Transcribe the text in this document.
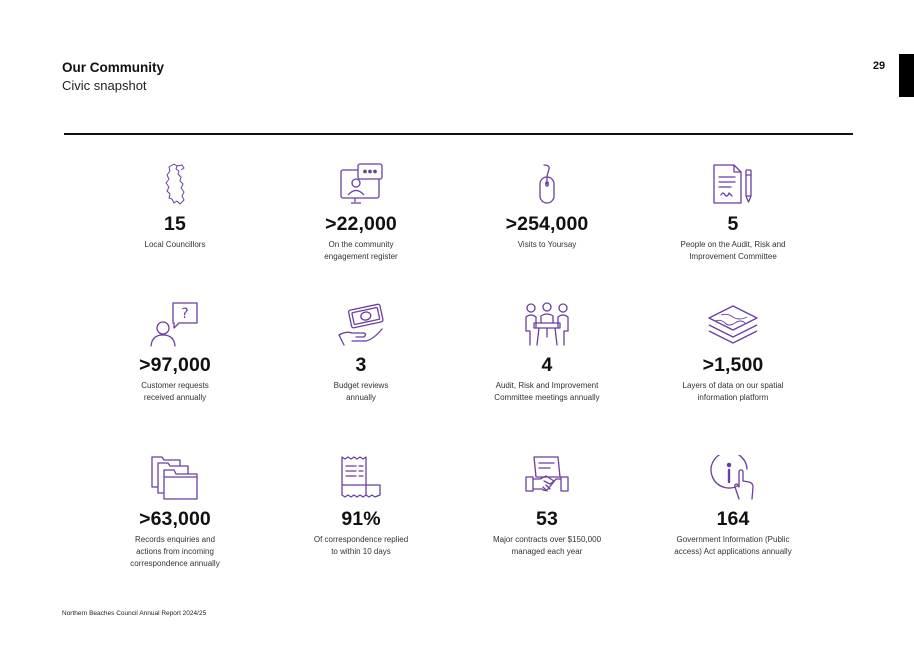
Our Community
Civic snapshot
29
15
Local Councillors
>22,000
On the community
engagement register
>254,000
Visits to Yoursay
5
People on the Audit, Risk and
Improvement Committee
?
>97,000
Customer requests
received annually
3
Budget reviews
annually
4
Audit, Risk and Improvement
Committee meetings annually
>1,500
Layers of data on our spatial
information platform
>63,000
Records enquiries and
actions from incoming
correspondence annually
91%
Of correspondence replied
to within 10 days
53
Major contracts over $150,000
managed each year
164
Government Information (Public
access) Act applications annually
Northern Beaches Council Annual Report 2024/25
